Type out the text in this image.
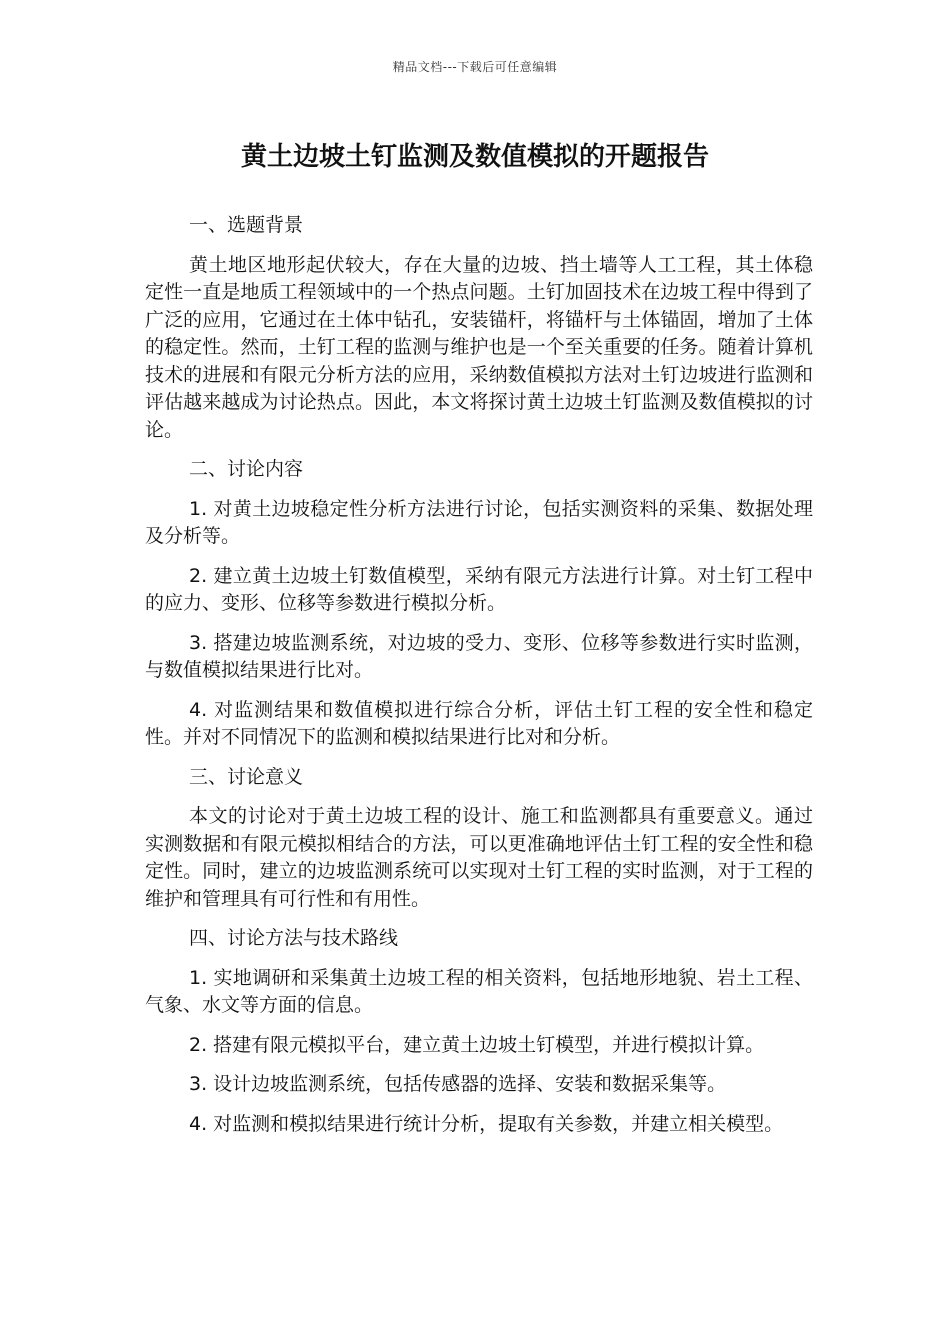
精品文档---下载后可任意编辑
黄土边坡土钉监测及数值模拟的开题报告

一、选题背景

黄土地区地形起伏较大，存在大量的边坡、挡土墙等人工工程，其土体稳定性一直是地质工程领域中的一个热点问题。土钉加固技术在边坡工程中得到了广泛的应用，它通过在土体中钻孔，安装锚杆，将锚杆与土体锚固，增加了土体的稳定性。然而，土钉工程的监测与维护也是一个至关重要的任务。随着计算机技术的进展和有限元分析方法的应用，采纳数值模拟方法对土钉边坡进行监测和评估越来越成为讨论热点。因此，本文将探讨黄土边坡土钉监测及数值模拟的讨论。

二、讨论内容

1. 对黄土边坡稳定性分析方法进行讨论，包括实测资料的采集、数据处理及分析等。

2. 建立黄土边坡土钉数值模型，采纳有限元方法进行计算。对土钉工程中的应力、变形、位移等参数进行模拟分析。

3. 搭建边坡监测系统，对边坡的受力、变形、位移等参数进行实时监测，与数值模拟结果进行比对。

4. 对监测结果和数值模拟进行综合分析，评估土钉工程的安全性和稳定性。并对不同情况下的监测和模拟结果进行比对和分析。

三、讨论意义

本文的讨论对于黄土边坡工程的设计、施工和监测都具有重要意义。通过实测数据和有限元模拟相结合的方法，可以更准确地评估土钉工程的安全性和稳定性。同时，建立的边坡监测系统可以实现对土钉工程的实时监测，对于工程的维护和管理具有可行性和有用性。

四、讨论方法与技术路线

1. 实地调研和采集黄土边坡工程的相关资料，包括地形地貌、岩土工程、气象、水文等方面的信息。

2. 搭建有限元模拟平台，建立黄土边坡土钉模型，并进行模拟计算。

3. 设计边坡监测系统，包括传感器的选择、安装和数据采集等。

4. 对监测和模拟结果进行统计分析，提取有关参数，并建立相关模型。
